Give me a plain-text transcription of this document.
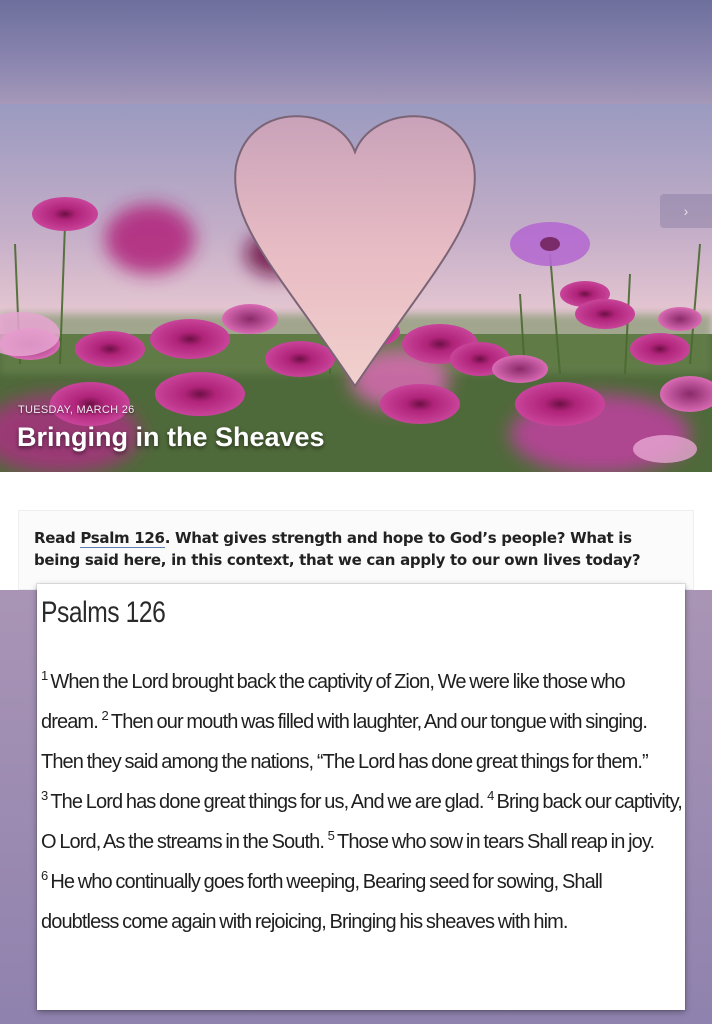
›
TUESDAY, MARCH 26
Bringing in the Sheaves
Read Psalm 126. What gives strength and hope to God’s people? What is being said here, in this context, that we can apply to our own lives today?
Psalms 126
$^1$ When the Lord brought back the captivity of Zion, We were like those who dream. $^2$ Then our mouth was filled with laughter, And our tongue with singing. Then they said among the nations, “The Lord has done great things for them.” $^3$ The Lord has done great things for us, And we are glad. $^4$ Bring back our captivity, O Lord, As the streams in the South. $^5$ Those who sow in tears Shall reap in joy. $^6$ He who continually goes forth weeping, Bearing seed for sowing, Shall doubtless come again with rejoicing, Bringing his sheaves with him.
